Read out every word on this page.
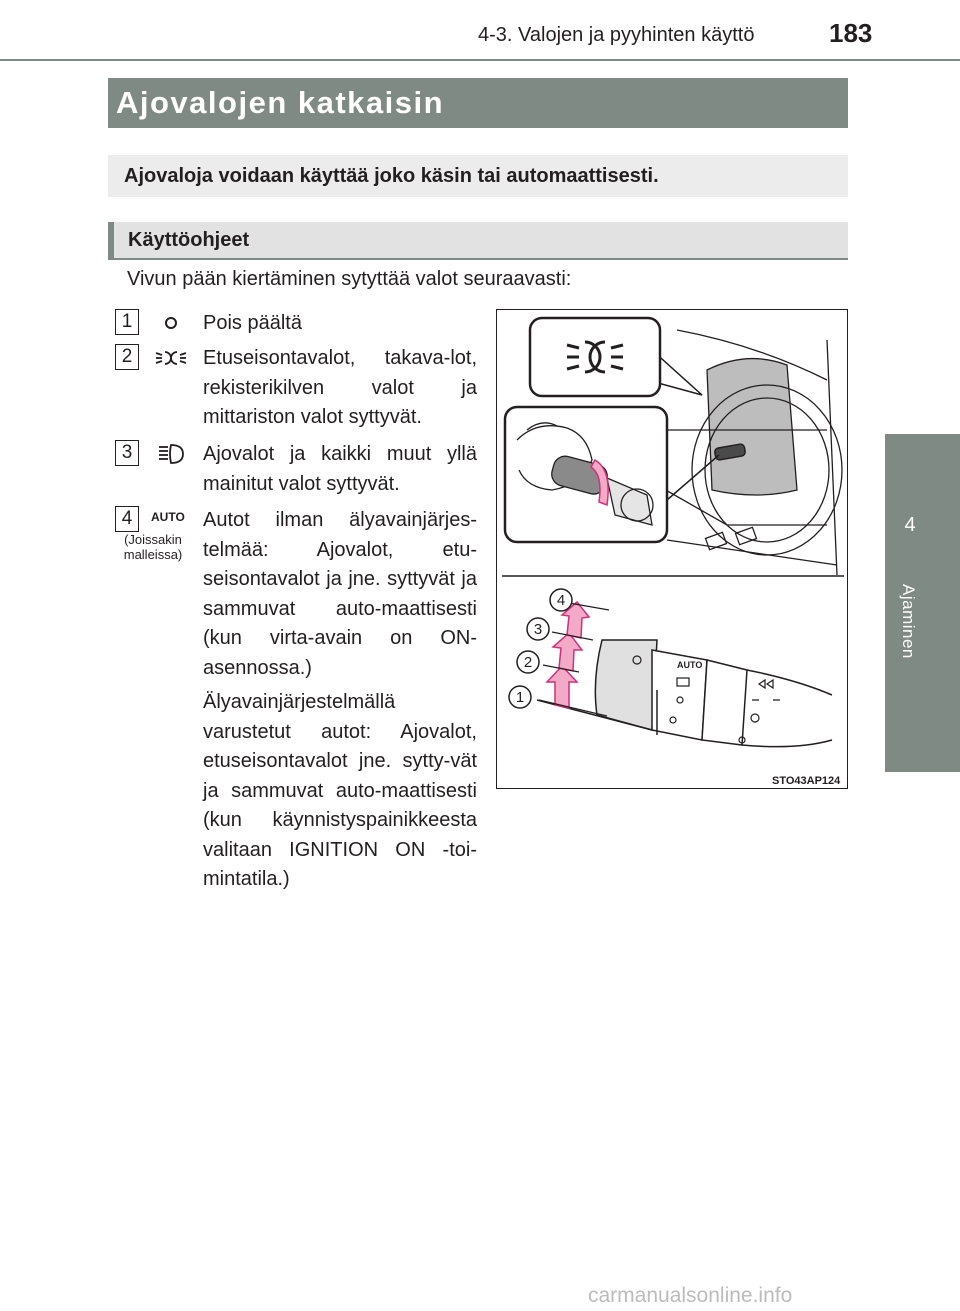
4-3. Valojen ja pyyhinten käyttö	183
4
Ajaminen
Ajovalojen katkaisin
Ajovaloja voidaan käyttää joko käsin tai automaattisesti.
Käyttöohjeet
Vivun pään kiertäminen sytyttää valot seuraavasti:
1	Pois päältä
2	Etuseisontavalot, takava-lot, rekisterikilven valot ja mittariston valot syttyvät.
3	Ajovalot ja kaikki muut yllä mainitut valot syttyvät.
4	AUTO
(Joissakin malleissa)
Autot ilman älyavainjärjes-telmää: Ajovalot, etu-seisontavalot ja jne. syttyvät ja sammuvat auto-maattisesti (kun virta-avain on ON-asennossa.)
Älyavainjärjestelmällä varustetut autot: Ajovalot, etuseisontavalot jne. sytty-vät ja sammuvat auto-maattisesti (kun käynnistyspainikkeesta valitaan IGNITION ON -toi-mintatila.)
AUTO
1
2
3
4
STO43AP124
carmanualsonline.info
